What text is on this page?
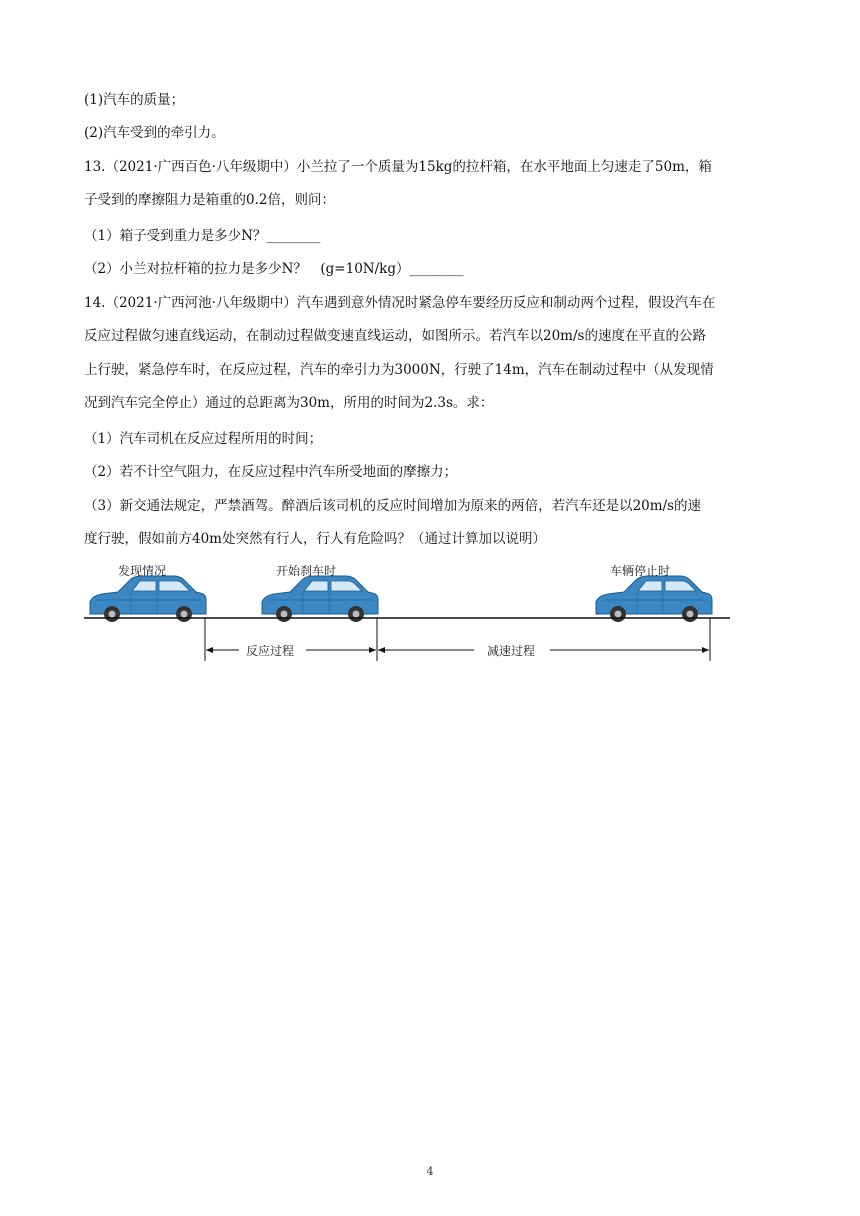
(1)汽车的质量；
(2)汽车受到的牵引力。
13.（2021·广西百色·八年级期中）小兰拉了一个质量为15kg的拉杆箱，在水平地面上匀速走了50m，箱
子受到的摩擦阻力是箱重的0.2倍，则问：
（1）箱子受到重力是多少N？________
（2）小兰对拉杆箱的拉力是多少N？　(g=10N/kg）________
14.（2021·广西河池·八年级期中）汽车遇到意外情况时紧急停车要经历反应和制动两个过程，假设汽车在
反应过程做匀速直线运动，在制动过程做变速直线运动，如图所示。若汽车以20m/s的速度在平直的公路
上行驶，紧急停车时，在反应过程，汽车的牵引力为3000N，行驶了14m，汽车在制动过程中（从发现情
况到汽车完全停止）通过的总距离为30m，所用的时间为2.3s。求：
（1）汽车司机在反应过程所用的时间；
（2）若不计空气阻力，在反应过程中汽车所受地面的摩擦力；
（3）新交通法规定，严禁酒驾。醉酒后该司机的反应时间增加为原来的两倍，若汽车还是以20m/s的速
度行驶，假如前方40m处突然有行人，行人有危险吗？（通过计算加以说明）
发现情况	开始刹车时	车辆停止时
反应过程	减速过程
4
